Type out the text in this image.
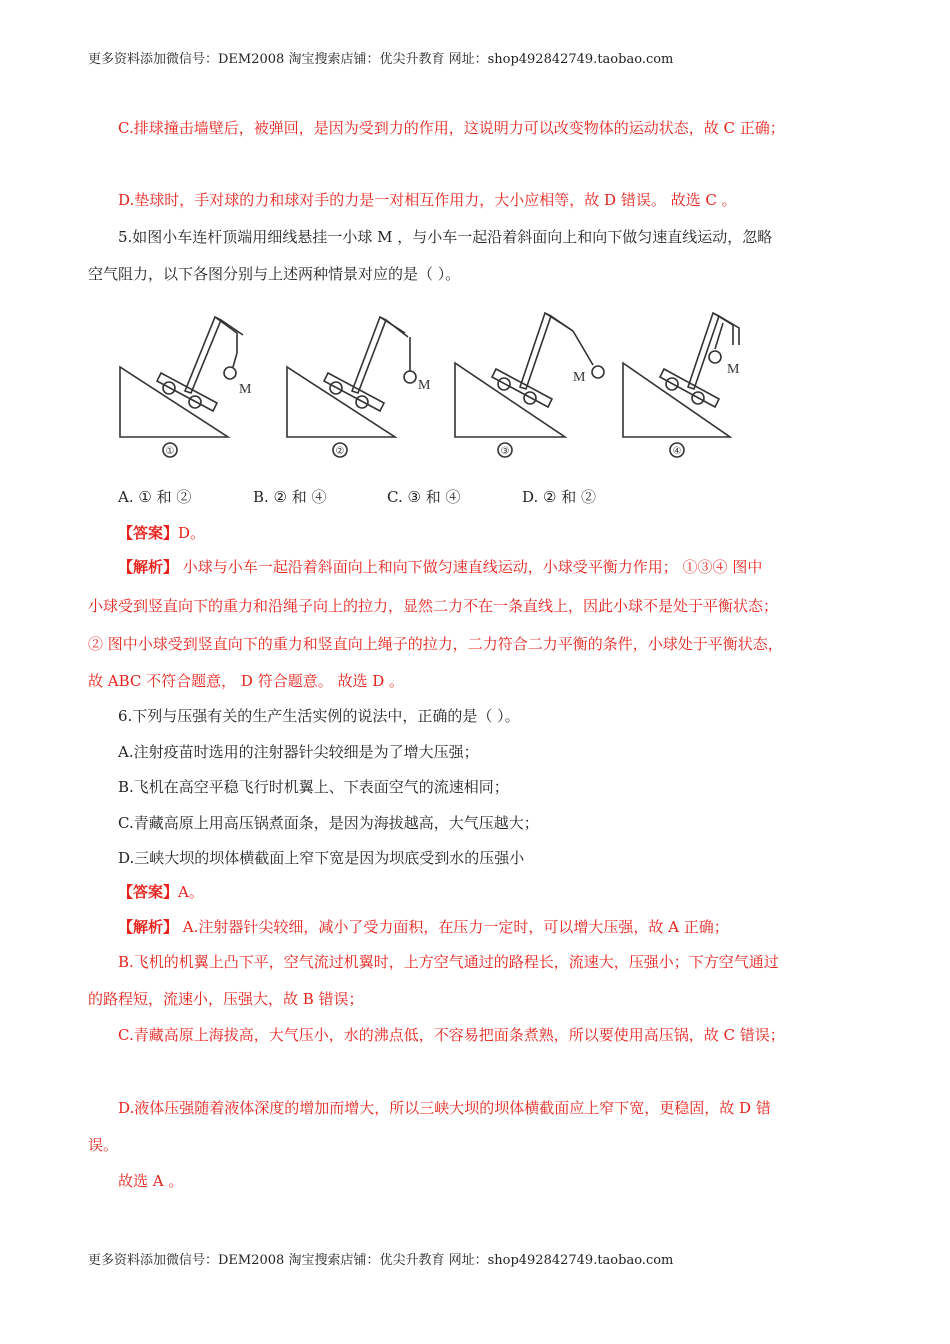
更多资料添加微信号：DEM2008 淘宝搜索店铺：优尖升教育 网址：shop492842749.taobao.com
C.排球撞击墙壁后，被弹回，是因为受到力的作用，这说明力可以改变物体的运动状态，故 C 正确；
D.垫球时，手对球的力和球对手的力是一对相互作用力，大小应相等，故 D 错误。 故选 C 。
5.如图小车连杆顶端用细线悬挂一小球 M ，与小车一起沿着斜面向上和向下做匀速直线运动，忽略
空气阻力，以下各图分别与上述两种情景对应的是（ ）。
M	M
M
M
①	②	③	④
A. ① 和 ②	B. ② 和 ④	C. ③ 和 ④	D. ② 和 ②
【答案】D。
【解析】 小球与小车一起沿着斜面向上和向下做匀速直线运动，小球受平衡力作用； ①③④ 图中
小球受到竖直向下的重力和沿绳子向上的拉力，显然二力不在一条直线上，因此小球不是处于平衡状态；
② 图中小球受到竖直向下的重力和竖直向上绳子的拉力，二力符合二力平衡的条件，小球处于平衡状态，
故 ABC 不符合题意， D 符合题意。 故选 D 。
6.下列与压强有关的生产生活实例的说法中，正确的是（ ）。
A.注射疫苗时选用的注射器针尖较细是为了增大压强；
B.飞机在高空平稳飞行时机翼上、下表面空气的流速相同；
C.青藏高原上用高压锅煮面条，是因为海拔越高，大气压越大；
D.三峡大坝的坝体横截面上窄下宽是因为坝底受到水的压强小
【答案】A。
【解析】 A.注射器针尖较细，减小了受力面积，在压力一定时，可以增大压强，故 A 正确；
B.飞机的机翼上凸下平，空气流过机翼时，上方空气通过的路程长，流速大，压强小；下方空气通过
的路程短，流速小，压强大，故 B 错误；
C.青藏高原上海拔高，大气压小，水的沸点低，不容易把面条煮熟，所以要使用高压锅，故 C 错误；
D.液体压强随着液体深度的增加而增大，所以三峡大坝的坝体横截面应上窄下宽，更稳固，故 D 错
误。
故选 A 。
更多资料添加微信号：DEM2008 淘宝搜索店铺：优尖升教育 网址：shop492842749.taobao.com
